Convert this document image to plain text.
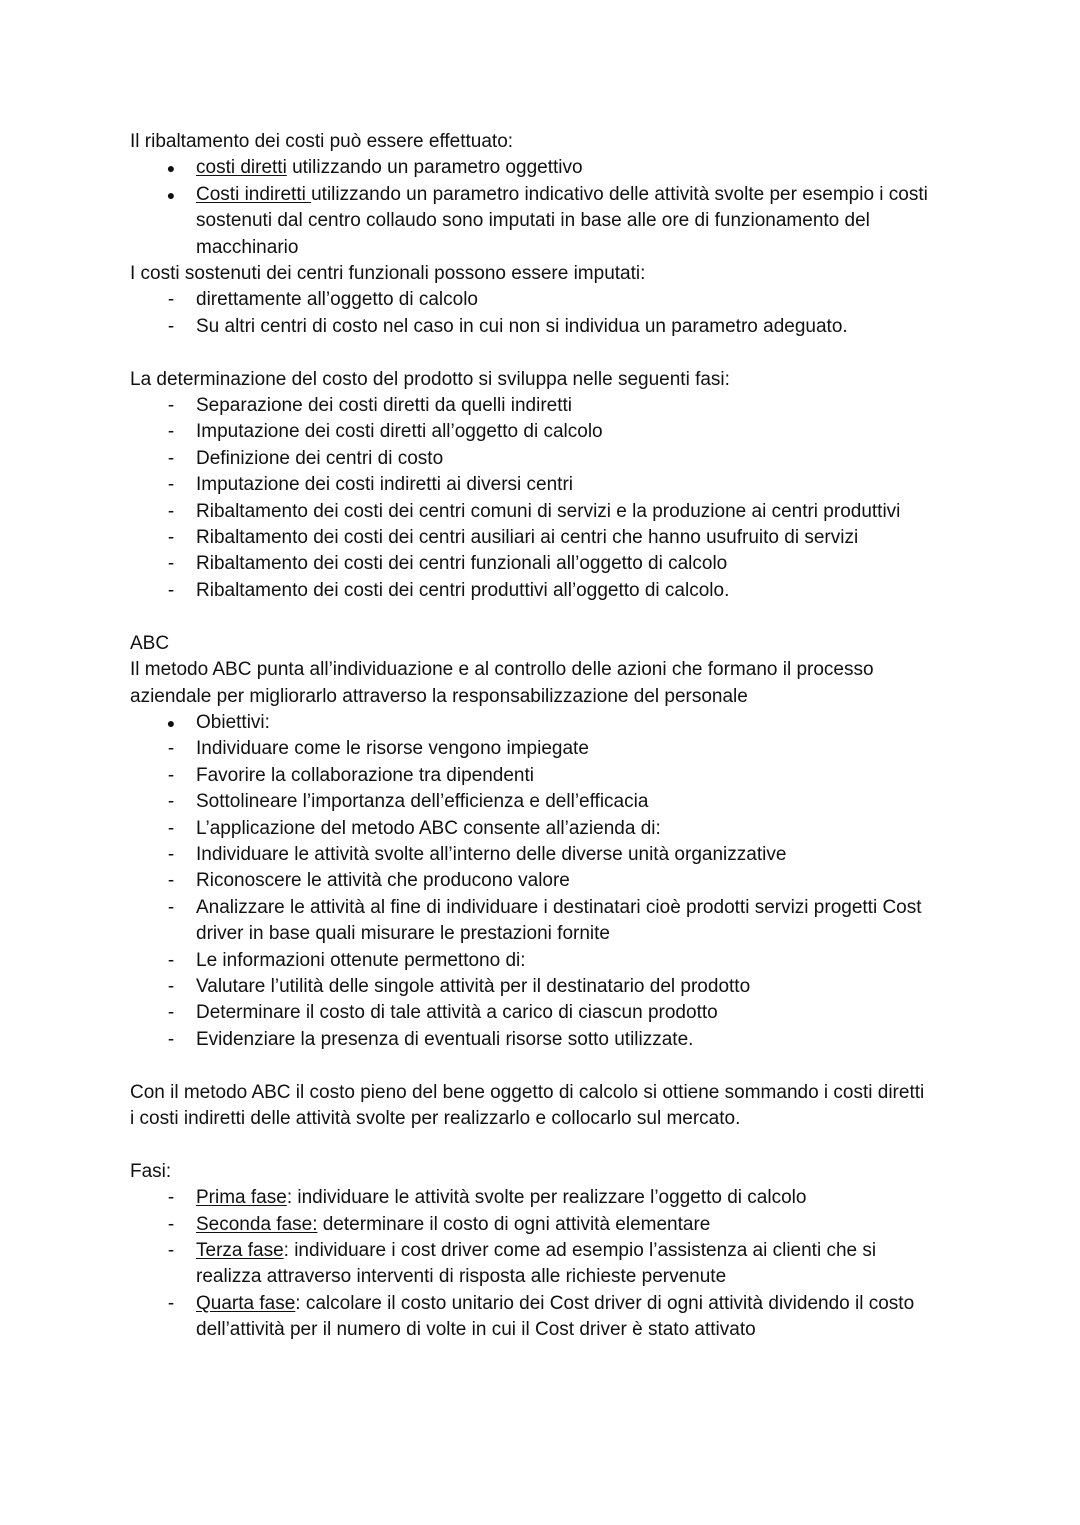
Il ribaltamento dei costi può essere effettuato:

● costi diretti utilizzando un parametro oggettivo
● Costi indiretti utilizzando un parametro indicativo delle attività svolte per esempio i costi sostenuti dal centro collaudo sono imputati in base alle ore di funzionamento del macchinario

I costi sostenuti dei centri funzionali possono essere imputati:

- direttamente all’oggetto di calcolo
- Su altri centri di costo nel caso in cui non si individua un parametro adeguato.

La determinazione del costo del prodotto si sviluppa nelle seguenti fasi:

- Separazione dei costi diretti da quelli indiretti
- Imputazione dei costi diretti all’oggetto di calcolo
- Definizione dei centri di costo
- Imputazione dei costi indiretti ai diversi centri
- Ribaltamento dei costi dei centri comuni di servizi e la produzione ai centri produttivi
- Ribaltamento dei costi dei centri ausiliari ai centri che hanno usufruito di servizi
- Ribaltamento dei costi dei centri funzionali all’oggetto di calcolo
- Ribaltamento dei costi dei centri produttivi all’oggetto di calcolo.

ABC

Il metodo ABC punta all’individuazione e al controllo delle azioni che formano il processo aziendale per migliorarlo attraverso la responsabilizzazione del personale

● Obiettivi:
- Individuare come le risorse vengono impiegate
- Favorire la collaborazione tra dipendenti
- Sottolineare l’importanza dell’efficienza e dell’efficacia
- L’applicazione del metodo ABC consente all’azienda di:
- Individuare le attività svolte all’interno delle diverse unità organizzative
- Riconoscere le attività che producono valore
- Analizzare le attività al fine di individuare i destinatari cioè prodotti servizi progetti Cost driver in base quali misurare le prestazioni fornite
- Le informazioni ottenute permettono di:
- Valutare l’utilità delle singole attività per il destinatario del prodotto
- Determinare il costo di tale attività a carico di ciascun prodotto
- Evidenziare la presenza di eventuali risorse sotto utilizzate.

Con il metodo ABC il costo pieno del bene oggetto di calcolo si ottiene sommando i costi diretti i costi indiretti delle attività svolte per realizzarlo e collocarlo sul mercato.

Fasi:

- Prima fase: individuare le attività svolte per realizzare l’oggetto di calcolo
- Seconda fase: determinare il costo di ogni attività elementare
- Terza fase: individuare i cost driver come ad esempio l’assistenza ai clienti che si realizza attraverso interventi di risposta alle richieste pervenute
- Quarta fase: calcolare il costo unitario dei Cost driver di ogni attività dividendo il costo dell’attività per il numero di volte in cui il Cost driver è stato attivato
